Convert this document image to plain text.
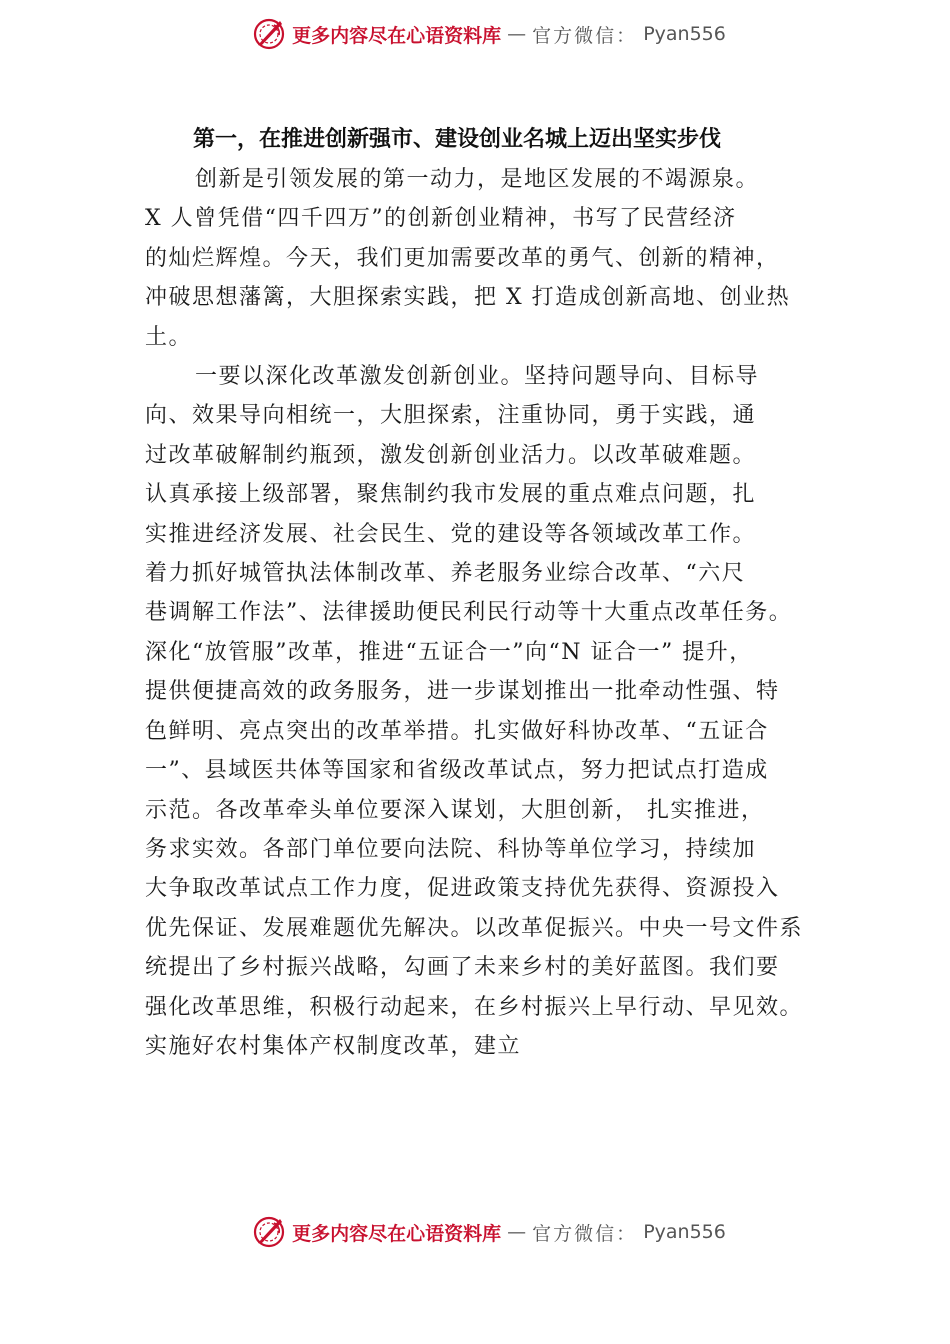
更多内容尽在心语资料库 — 官方微信： Pyan556

第一，在推进创新强市、建设创业名城上迈出坚实步伐

创新是引领发展的第一动力，是地区发展的不竭源泉。

X 人曾凭借“四千四万”的创新创业精神，书写了民营经济

的灿烂辉煌。今天，我们更加需要改革的勇气、创新的精神，

冲破思想藩篱，大胆探索实践，把 X 打造成创新高地、创业热

土。

一要以深化改革激发创新创业。坚持问题导向、目标导

向、效果导向相统一，大胆探索，注重协同，勇于实践，通

过改革破解制约瓶颈，激发创新创业活力。以改革破难题。

认真承接上级部署，聚焦制约我市发展的重点难点问题，扎

实推进经济发展、社会民生、党的建设等各领域改革工作。

着力抓好城管执法体制改革、养老服务业综合改革、“六尺

巷调解工作法”、法律援助便民利民行动等十大重点改革任务。

深化“放管服”改革，推进“五证合一”向“N 证合一” 提升，

提供便捷高效的政务服务，进一步谋划推出一批牵动性强、特

色鲜明、亮点突出的改革举措。扎实做好科协改革、“五证合

一”、县域医共体等国家和省级改革试点，努力把试点打造成

示范。各改革牵头单位要深入谋划，大胆创新， 扎实推进，

务求实效。各部门单位要向法院、科协等单位学习，持续加

大争取改革试点工作力度，促进政策支持优先获得、资源投入

优先保证、发展难题优先解决。以改革促振兴。中央一号文件系

统提出了乡村振兴战略，勾画了未来乡村的美好蓝图。我们要

强化改革思维，积极行动起来，在乡村振兴上早行动、早见效。

实施好农村集体产权制度改革，建立

更多内容尽在心语资料库 — 官方微信： Pyan556
